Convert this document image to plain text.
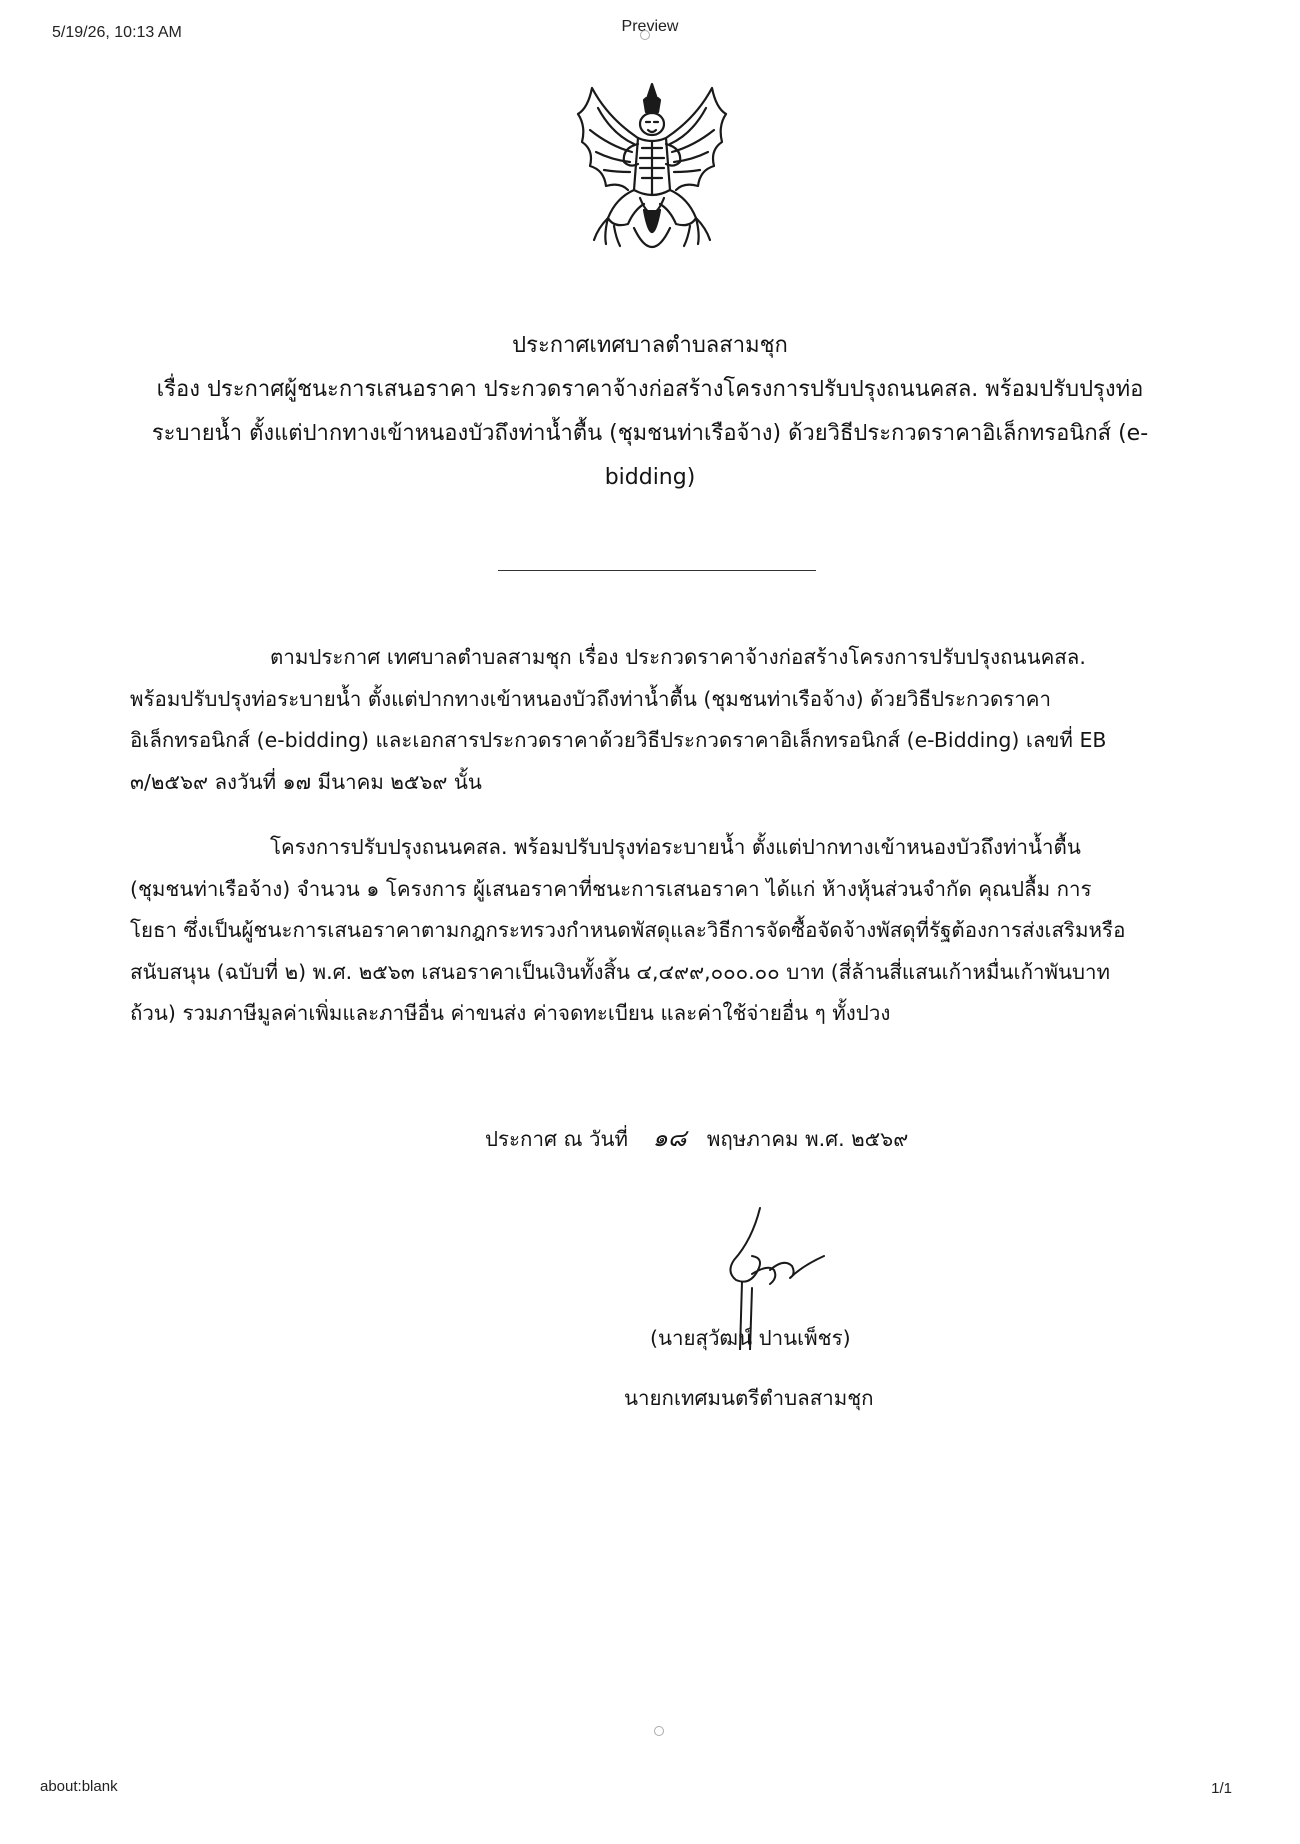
5/19/26, 10:13 AM	Preview
ประกาศเทศบาลตำบลสามชุก
เรื่อง ประกาศผู้ชนะการเสนอราคา ประกวดราคาจ้างก่อสร้างโครงการปรับปรุงถนนคสล. พร้อมปรับปรุงท่อ
ระบายน้ำ ตั้งแต่ปากทางเข้าหนองบัวถึงท่าน้ำตื้น (ชุมชนท่าเรือจ้าง) ด้วยวิธีประกวดราคาอิเล็กทรอนิกส์ (e-
bidding)
ตามประกาศ เทศบาลตำบลสามชุก เรื่อง ประกวดราคาจ้างก่อสร้างโครงการปรับปรุงถนนคสล.
พร้อมปรับปรุงท่อระบายน้ำ ตั้งแต่ปากทางเข้าหนองบัวถึงท่าน้ำตื้น (ชุมชนท่าเรือจ้าง) ด้วยวิธีประกวดราคา
อิเล็กทรอนิกส์ (e-bidding) และเอกสารประกวดราคาด้วยวิธีประกวดราคาอิเล็กทรอนิกส์ (e-Bidding) เลขที่ EB
๓/๒๕๖๙ ลงวันที่ ๑๗ มีนาคม ๒๕๖๙ นั้น
โครงการปรับปรุงถนนคสล. พร้อมปรับปรุงท่อระบายน้ำ ตั้งแต่ปากทางเข้าหนองบัวถึงท่าน้ำตื้น
(ชุมชนท่าเรือจ้าง) จำนวน ๑ โครงการ ผู้เสนอราคาที่ชนะการเสนอราคา ได้แก่ ห้างหุ้นส่วนจำกัด คุณปลื้ม การ
โยธา ซึ่งเป็นผู้ชนะการเสนอราคาตามกฎกระทรวงกำหนดพัสดุและวิธีการจัดซื้อจัดจ้างพัสดุที่รัฐต้องการส่งเสริมหรือ
สนับสนุน (ฉบับที่ ๒) พ.ศ. ๒๕๖๓ เสนอราคาเป็นเงินทั้งสิ้น ๔,๔๙๙,๐๐๐.๐๐ บาท (สี่ล้านสี่แสนเก้าหมื่นเก้าพันบาท
ถ้วน) รวมภาษีมูลค่าเพิ่มและภาษีอื่น ค่าขนส่ง ค่าจดทะเบียน และค่าใช้จ่ายอื่น ๆ ทั้งปวง
ประกาศ ณ วันที่ ๑๘ พฤษภาคม พ.ศ. ๒๕๖๙
(นายสุวัฒน์ ปานเพ็ชร)
นายกเทศมนตรีตำบลสามชุก
about:blank	1/1
